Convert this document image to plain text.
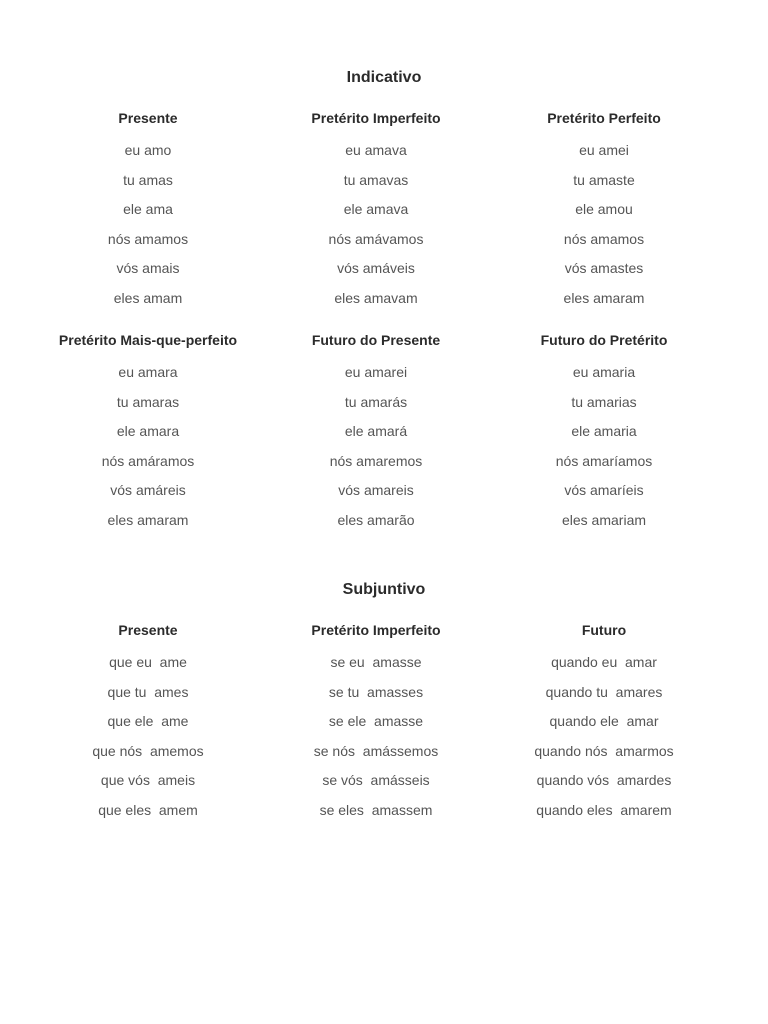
Indicativo
Presente
eu amo
tu amas
ele ama
nós amamos
vós amais
eles amam
Pretérito Imperfeito
eu amava
tu amavas
ele amava
nós amávamos
vós amáveis
eles amavam
Pretérito Perfeito
eu amei
tu amaste
ele amou
nós amamos
vós amastes
eles amaram
Pretérito Mais-que-perfeito
eu amara
tu amaras
ele amara
nós amáramos
vós amáreis
eles amaram
Futuro do Presente
eu amarei
tu amarás
ele amará
nós amaremos
vós amareis
eles amarão
Futuro do Pretérito
eu amaria
tu amarias
ele amaria
nós amaríamos
vós amaríeis
eles amariam
Subjuntivo
Presente
que eu  ame
que tu  ames
que ele  ame
que nós  amemos
que vós  ameis
que eles  amem
Pretérito Imperfeito
se eu  amasse
se tu  amasses
se ele  amasse
se nós  amássemos
se vós  amásseis
se eles  amassem
Futuro
quando eu  amar
quando tu  amares
quando ele  amar
quando nós  amarmos
quando vós  amardes
quando eles  amarem
